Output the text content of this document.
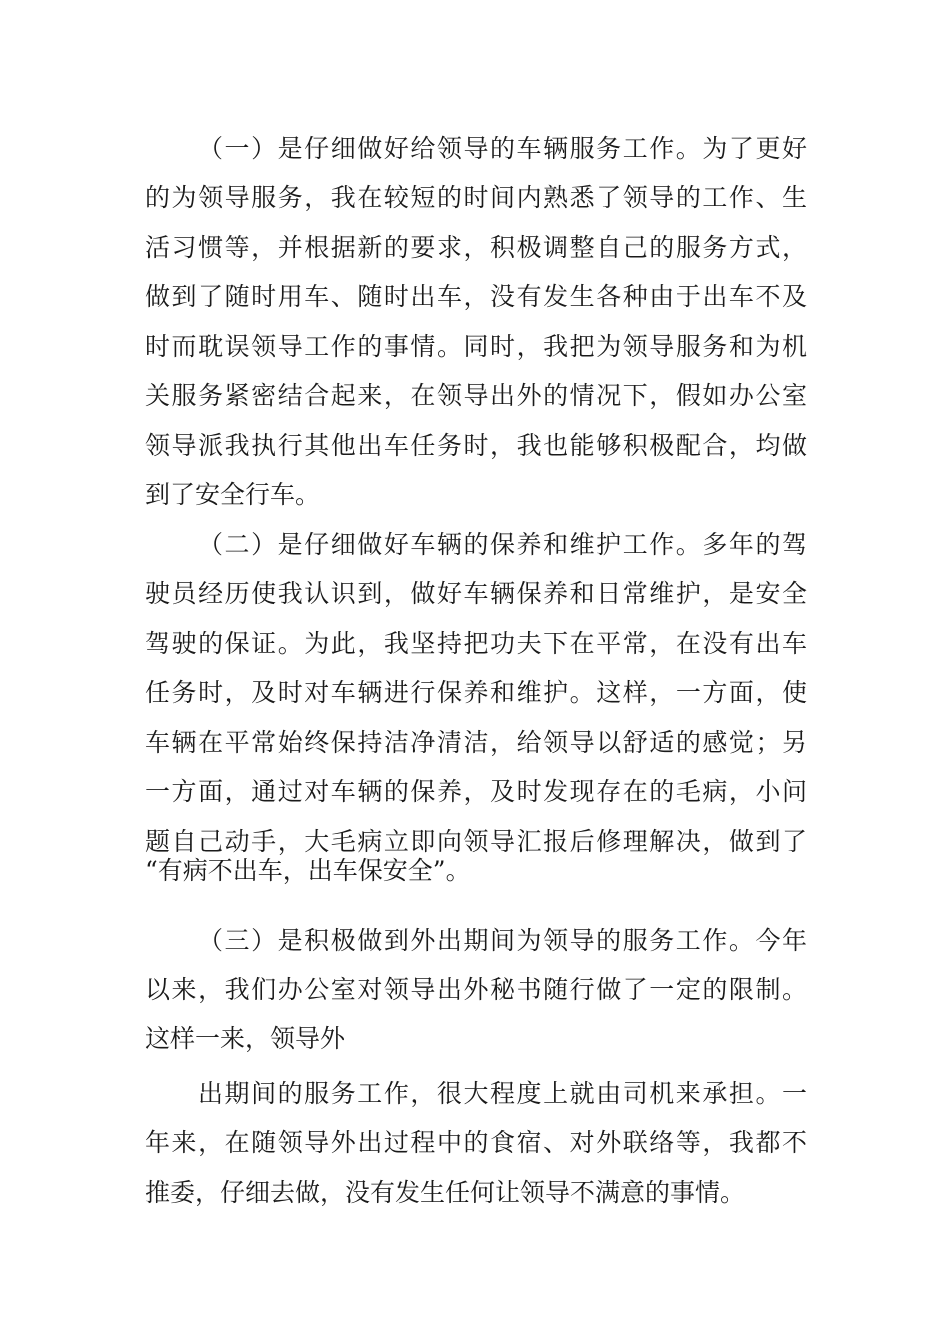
（一）是仔细做好给领导的车辆服务工作。为了更好

的为领导服务，我在较短的时间内熟悉了领导的工作、生

活习惯等，并根据新的要求，积极调整自己的服务方式，

做到了随时用车、随时出车，没有发生各种由于出车不及

时而耽误领导工作的事情。同时，我把为领导服务和为机

关服务紧密结合起来，在领导出外的情况下，假如办公室

领导派我执行其他出车任务时，我也能够积极配合，均做

到了安全行车。

（二）是仔细做好车辆的保养和维护工作。多年的驾

驶员经历使我认识到，做好车辆保养和日常维护，是安全

驾驶的保证。为此，我坚持把功夫下在平常，在没有出车

任务时，及时对车辆进行保养和维护。这样，一方面，使

车辆在平常始终保持洁净清洁，给领导以舒适的感觉；另

一方面，通过对车辆的保养，及时发现存在的毛病，小问

题自己动手，大毛病立即向领导汇报后修理解决，做到了

“有病不出车，出车保安全”。

（三）是积极做到外出期间为领导的服务工作。今年

以来，我们办公室对领导出外秘书随行做了一定的限制。

这样一来，领导外

出期间的服务工作，很大程度上就由司机来承担。一

年来，在随领导外出过程中的食宿、对外联络等，我都不

推委，仔细去做，没有发生任何让领导不满意的事情。
